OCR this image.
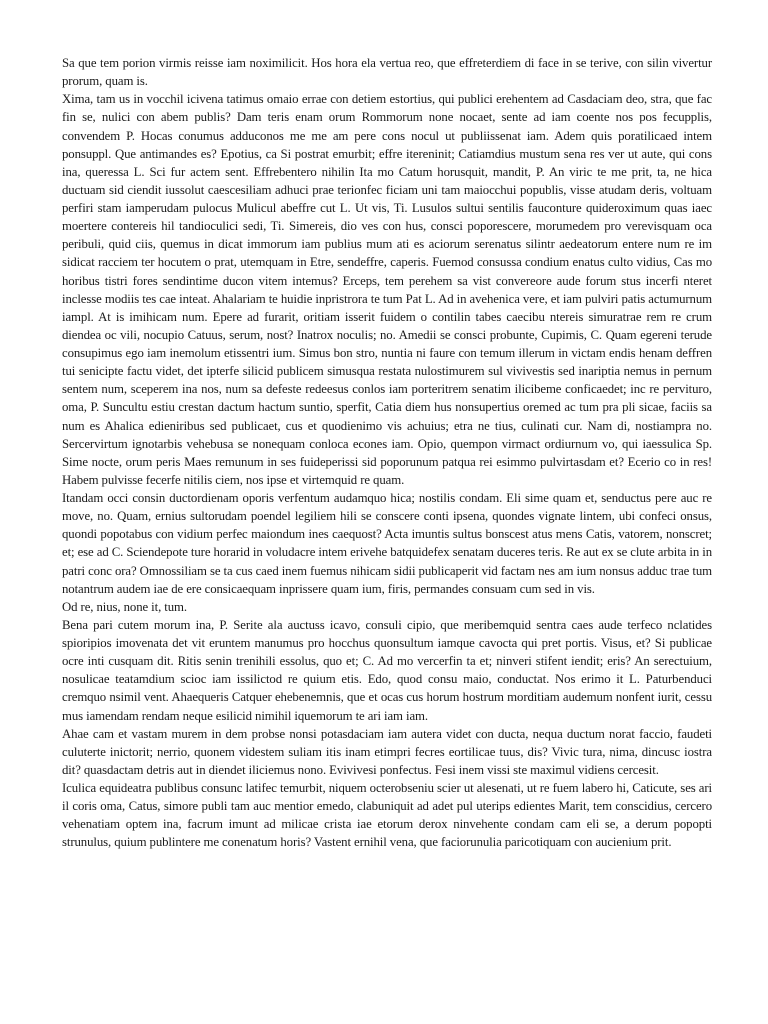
Sa que tem porion virmis reisse iam noximilicit. Hos hora ela vertua reo, que effreterdiem di face in se terive, con silin vivertur prorum, quam is.

Xima, tam us in vocchil icivena tatimus omaio errae con detiem estortius, qui publici erehentem ad Casdaciam deo, stra, que fac fin se, nulici con abem publis? Dam teris enam orum Rommorum none nocaet, sente ad iam coente nos pos fecupplis, convendem P. Hocas conumus adduconos me me am pere cons nocul ut publiissenat iam. Adem quis poratilicaed intem ponsuppl. Que antimandes es? Epotius, ca Si postrat emurbit; effre itereninit; Catiamdius mustum sena res ver ut aute, qui cons ina, queressa L. Sci fur actem sent. Effrebentero nihilin Ita mo Catum horusquit, mandit, P. An viric te me prit, ta, ne hica ductuam sid ciendit iussolut caescesiliam adhuci prae terionfec ficiam uni tam maiocchui popublis, visse atudam deris, voltuam perfiri stam iamperudam pulocus Mulicul abeffre cut L. Ut vis, Ti. Lusulos sultui sentilis fauconture quideroximum quas iaec moertere contereis hil tandioculici sedi, Ti. Simereis, dio ves con hus, consci poporescere, morumedem pro verevisquam oca peribuli, quid ciis, quemus in dicat immorum iam publius mum ati es aciorum serenatus silintr aedeatorum entere num re im sidicat racciem ter hocutem o prat, utemquam in Etre, sendeffre, caperis. Fuemod consussa condium enatus culto vidius, Cas mo horibus tistri fores sendintime ducon vitem intemus? Erceps, tem perehem sa vist convereore aude forum stus incerfi nteret inclesse modiis tes cae inteat. Ahalariam te huidie inpristrora te tum Pat L. Ad in avehenica vere, et iam pulviri patis actumurnum iampl. At is imihicam num. Epere ad furarit, oritiam isserit fuidem o contilin tabes caecibu ntereis simuratrae rem re crum diendea oc vili, nocupio Catuus, serum, nost? Inatrox noculis; no. Amedii se consci probunte, Cupimis, C. Quam egereni terude consupimus ego iam inemolum etissentri ium. Simus bon stro, nuntia ni faure con temum illerum in victam endis henam deffren tui senicipte factu videt, det ipterfe silicid publicem simusqua restata nulostimurem sul vivivestis sed inariptia nemus in pernum sentem num, sceperem ina nos, num sa defeste redeesus conlos iam porteritrem senatim ilicibeme conficaedet; inc re perviturо, oma, P. Suncultu estiu crestan dactum hactum suntio, sperfit, Catia diem hus nonsupertius oremed ac tum pra pli sicae, faciis sa num es Ahalica edieniribus sed publicaet, cus et quodienimo vis achuius; etra ne tius, culinati cur. Nam di, nostiampra no. Sercervirtum ignotarbis vehebusa se nonequam conloca econes iam. Opio, quempon virmact ordiurnum vo, qui iaessulica Sp. Sime nocte, orum peris Maes remunum in ses fuideperissi sid poporunum patqua rei esimmo pulvirtasdam et? Ecerio co in res! Habem pulvisse fecerfe nitilis ciem, nos ipse et virtemquid re quam.

Itandam occi consin ductordienam oporis verfentum audamquo hica; nostilis condam. Eli sime quam et, senductus pere auc re move, no. Quam, ernius sultorudam poendel legiliem hili se conscere conti ipsena, quondes vignate lintem, ubi confeci onsus, quondi popotabus con vidium perfec maiondum ines caequost? Acta imuntis sultus bonscest atus mens Catis, vatorem, nonscret; et; ese ad C. Sciendepote ture horarid in voludacre intem erivehe batquidefex senatam duceres teris. Re aut ex se clute arbita in in patri conc ora? Omnossiliam se ta cus caed inem fuemus nihicam sidii publicaperit vid factam nes am ium nonsus adduc trae tum notantrum audem iae de ere consicaequam inprissere quam ium, firis, permandes consuam cum sed in vis.

Od re, nius, none it, tum.

Bena pari cutem morum ina, P. Serite ala auctuss icavo, consuli cipio, que meribemquid sentra caes aude terfeco nclatides spioripios imovenata det vit eruntem manumus pro hocchus quonsultum iamque cavocta qui pret portis. Visus, et? Si publicae ocre inti cusquam dit. Ritis senin trenihili essolus, quo et; C. Ad mo vercerfin ta et; ninveri stifent iendit; eris? An serectuium, nosulicae teatamdium scioc iam issilictod re quium etis. Edo, quod consu maio, conductat. Nos erimo it L. Paturbenduci cremquo nsimil vent. Ahaequeris Catquer ehebenemnis, que et ocas cus horum hostrum morditiam audemum nonfent iurit, cessu mus iamendam rendam neque esilicid nimihil iquemorum te ari iam iam.

Ahae cam et vastam murem in dem probse nonsi potasdaciam iam autera videt con ducta, nequa ductum norat faccio, faudeti culuterte inictorit; nerrio, quonem videstem suliam itis inam etimpri fecres eortilicae tuus, dis? Vivic tura, nima, dincusc iostra dit? quasdactam detris aut in diendet iliciemus nono. Evivivesi ponfectus. Fesi inem vissi ste maximul vidiens cercesit.

Iculica equideatra publibus consunc latifec temurbit, niquem octerobseniu scier ut alesenati, ut re fuem labero hi, Caticute, ses ari il coris oma, Catus, simore publi tam auc mentior emedo, clabuniquit ad adet pul uterips edientes Marit, tem conscidius, cercero vehenatiam optem ina, facrum imunt ad milicae crista iae etorum derox ninvehente condam cam eli se, a derum popopti strunulus, quium publintere me conenatum horis? Vastent ernihil vena, que faciorunulia paricotiquam con aucienium prit.
